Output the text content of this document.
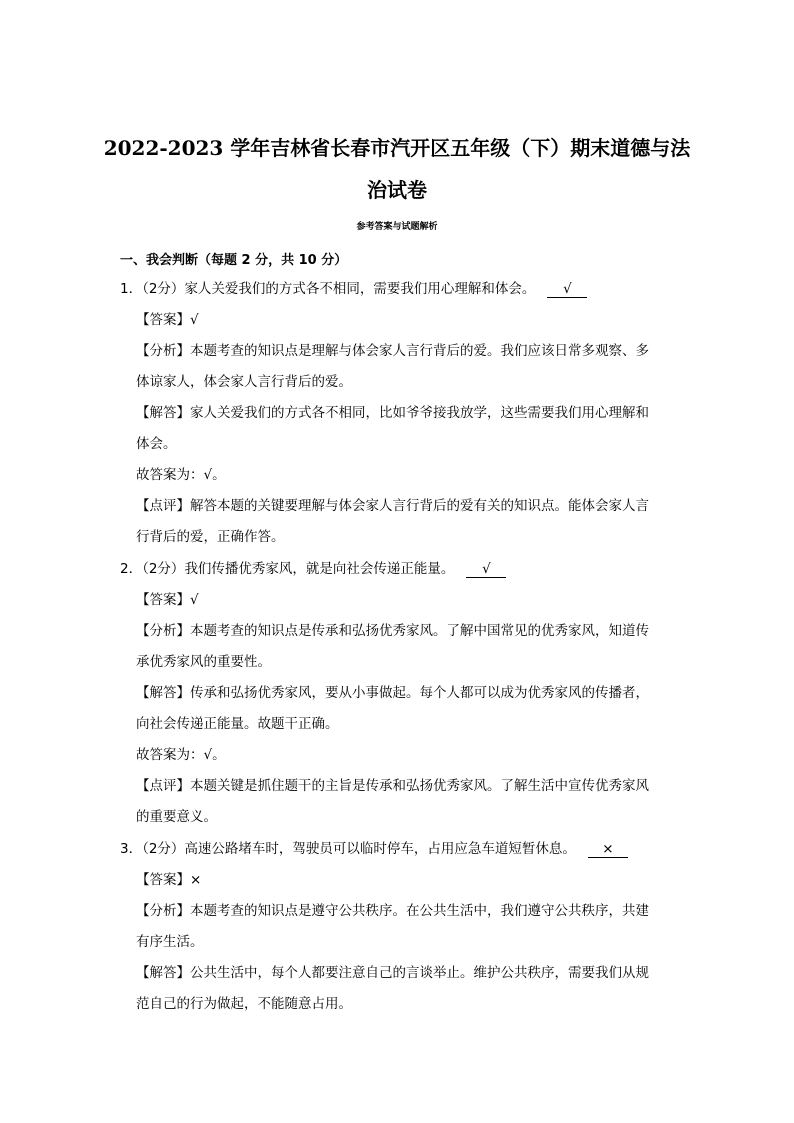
2022-2023 学年吉林省长春市汽开区五年级（下）期末道德与法
治试卷
参考答案与试题解析
一、我会判断（每题 2 分，共 10 分）
1．（2分）家人关爱我们的方式各不相同，需要我们用心理解和体会。 √
【答案】√
【分析】本题考查的知识点是理解与体会家人言行背后的爱。我们应该日常多观察、多
体谅家人，体会家人言行背后的爱。
【解答】家人关爱我们的方式各不相同，比如爷爷接我放学，这些需要我们用心理解和
体会。
故答案为：√。
【点评】解答本题的关键要理解与体会家人言行背后的爱有关的知识点。能体会家人言
行背后的爱，正确作答。
2．（2分）我们传播优秀家风，就是向社会传递正能量。 √
【答案】√
【分析】本题考查的知识点是传承和弘扬优秀家风。了解中国常见的优秀家风，知道传
承优秀家风的重要性。
【解答】传承和弘扬优秀家风，要从小事做起。每个人都可以成为优秀家风的传播者，
向社会传递正能量。故题干正确。
故答案为：√。
【点评】本题关键是抓住题干的主旨是传承和弘扬优秀家风。了解生活中宣传优秀家风
的重要意义。
3．（2分）高速公路堵车时，驾驶员可以临时停车，占用应急车道短暂休息。 ×
【答案】×
【分析】本题考查的知识点是遵守公共秩序。在公共生活中，我们遵守公共秩序，共建
有序生活。
【解答】公共生活中，每个人都要注意自己的言谈举止。维护公共秩序，需要我们从规
范自己的行为做起，不能随意占用。
